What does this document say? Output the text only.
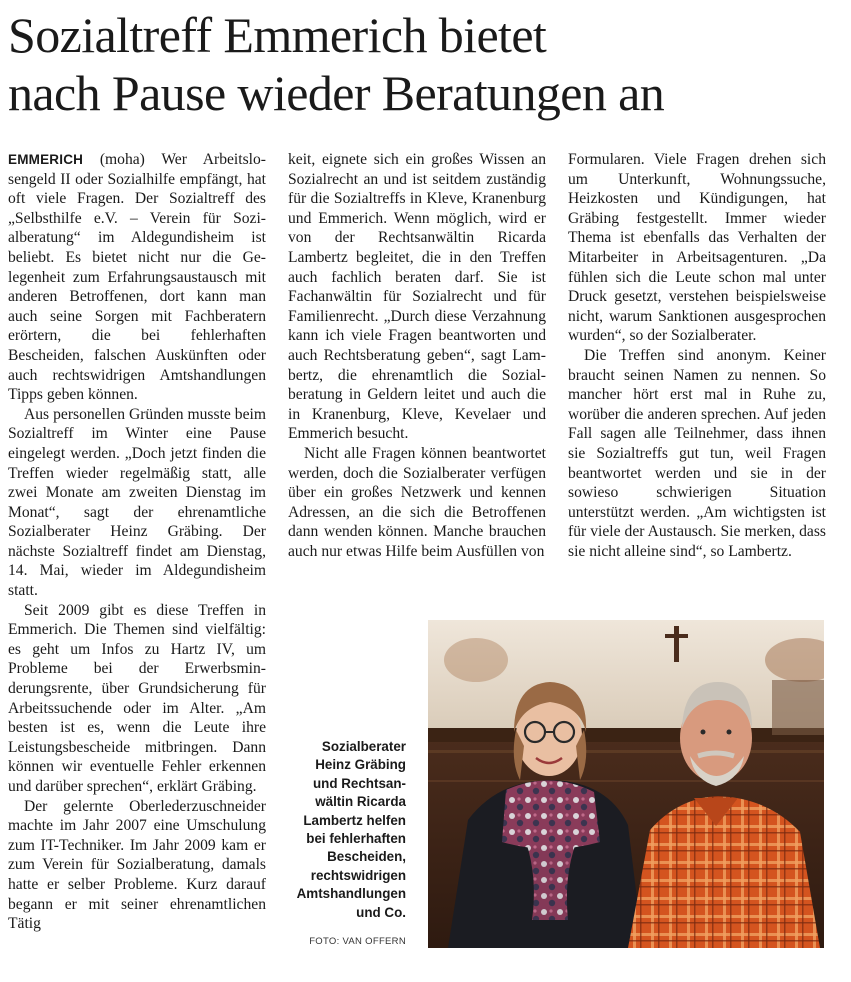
Sozialtreff Emmerich bietet
nach Pause wieder Beratungen an

EMMERICH (moha) Wer Arbeitslosengeld II oder Sozialhilfe empfängt, hat oft viele Fragen. Der Sozialtreff des „Selbsthilfe e.V. – Verein für Sozialberatung“ im Aldegundisheim ist beliebt. Es bietet nicht nur die Gelegenheit zum Erfahrungsaustausch mit anderen Betroffenen, dort kann man auch seine Sorgen mit Fachberatern erörtern, die bei fehlerhaften Bescheiden, falschen Auskünften oder auch rechtswidrigen Amtshandlungen Tipps geben können.

Aus personellen Gründen musste beim Sozialtreff im Winter eine Pause eingelegt werden. „Doch jetzt finden die Treffen wieder regelmäßig statt, alle zwei Monate am zweiten Dienstag im Monat“, sagt der ehrenamtliche Sozialberater Heinz Gräbing. Der nächste Sozialtreff findet am Dienstag, 14. Mai, wieder im Aldegundisheim statt.

Seit 2009 gibt es diese Treffen in Emmerich. Die Themen sind vielfältig: es geht um Infos zu Hartz IV, um Probleme bei der Erwerbsminderungsrente, über Grundsicherung für Arbeitssuchende oder im Alter. „Am besten ist es, wenn die Leute ihre Leistungsbescheide mitbringen. Dann können wir eventuelle Fehler erkennen und darüber sprechen“, erklärt Gräbing.

Der gelernte Oberlederzuschneider machte im Jahr 2007 eine Umschulung zum IT-Techniker. Im Jahr 2009 kam er zum Verein für Sozialberatung, damals hatte er selber Probleme. Kurz darauf begann er mit seiner ehrenamtlichen Tätig

keit, eignete sich ein großes Wissen an Sozialrecht an und ist seitdem zuständig für die Sozialtreffs in Kleve, Kranenburg und Emmerich. Wenn möglich, wird er von der Rechtsanwältin Ricarda Lambertz begleitet, die in den Treffen auch fachlich beraten darf. Sie ist Fachanwältin für Sozialrecht und für Familienrecht. „Durch diese Verzahnung kann ich viele Fragen beantworten und auch Rechtsberatung geben“, sagt Lambertz, die ehrenamtlich die Sozialberatung in Geldern leitet und auch die in Kranenburg, Kleve, Kevelaer und Emmerich besucht.

Nicht alle Fragen können beantwortet werden, doch die Sozialberater verfügen über ein großes Netzwerk und kennen Adressen, an die sich die Betroffenen dann wenden können. Manche brauchen auch nur etwas Hilfe beim Ausfüllen von

Formularen. Viele Fragen drehen sich um Unterkunft, Wohnungssuche, Heizkosten und Kündigungen, hat Gräbing festgestellt. Immer wieder Thema ist ebenfalls das Verhalten der Mitarbeiter in Arbeitsagenturen. „Da fühlen sich die Leute schon mal unter Druck gesetzt, verstehen beispielsweise nicht, warum Sanktionen ausgesprochen wurden“, so der Sozialberater.

Die Treffen sind anonym. Keiner braucht seinen Namen zu nennen. So mancher hört erst mal in Ruhe zu, worüber die anderen sprechen. Auf jeden Fall sagen alle Teilnehmer, dass ihnen sie Sozialtreffs gut tun, weil Fragen beantwortet werden und sie in der sowieso schwierigen Situation unterstützt werden. „Am wichtigsten ist für viele der Austausch. Sie merken, dass sie nicht alleine sind“, so Lambertz.

Sozialberater Heinz Gräbing und Rechtsanwältin Ricarda Lambertz helfen bei fehlerhaften Bescheiden, rechtswidrigen Amtshandlungen und Co.
FOTO: VAN OFFERN
